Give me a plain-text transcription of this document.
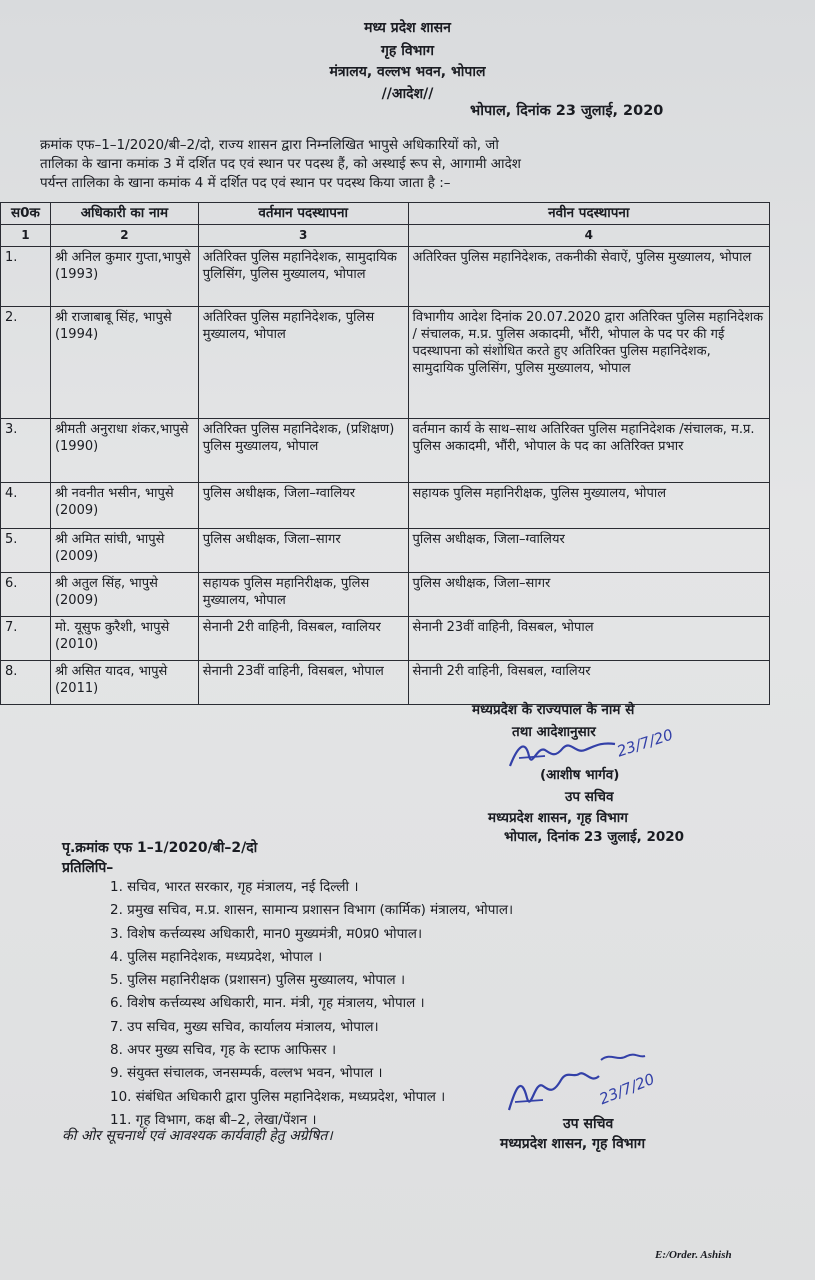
मध्य प्रदेश शासन
गृह विभाग
मंत्रालय, वल्लभ भवन, भोपाल
//आदेश//
भोपाल, दिनांक 23 जुलाई, 2020
क्रमांक एफ–1–1/2020/बी–2/दो, राज्य शासन द्वारा निम्नलिखित भापुसे अधिकारियों को, जो
तालिका के खाना कमांक 3 में दर्शित पद एवं स्थान पर पदस्थ हैं, को अस्थाई रूप से, आगामी आदेश
पर्यन्त तालिका के खाना कमांक 4 में दर्शित पद एवं स्थान पर पदस्थ किया जाता है :–
स0क	अधिकारी का नाम	वर्तमान पदस्थापना	नवीन पदस्थापना
1	2	3	4
1.	श्री अनिल कुमार गुप्ता,भापुसे (1993)	अतिरिक्त पुलिस महानिदेशक, सामुदायिक पुलिसिंग, पुलिस मुख्यालय, भोपाल	अतिरिक्त पुलिस महानिदेशक, तकनीकी सेवाऐं, पुलिस मुख्यालय, भोपाल
2.	श्री राजाबाबू सिंह, भापुसे (1994)	अतिरिक्त पुलिस महानिदेशक, पुलिस मुख्यालय, भोपाल	विभागीय आदेश दिनांक 20.07.2020 द्वारा अतिरिक्त पुलिस महानिदेशक / संचालक, म.प्र. पुलिस अकादमी, भौंरी, भोपाल के पद पर की गई पदस्थापना को संशोधित करते हुए अतिरिक्त पुलिस महानिदेशक, सामुदायिक पुलिसिंग, पुलिस मुख्यालय, भोपाल
3.	श्रीमती अनुराधा शंकर,भापुसे (1990)	अतिरिक्त पुलिस महानिदेशक, (प्रशिक्षण) पुलिस मुख्यालय, भोपाल	वर्तमान कार्य के साथ–साथ अतिरिक्त पुलिस महानिदेशक /संचालक, म.प्र. पुलिस अकादमी, भौंरी, भोपाल के पद का अतिरिक्त प्रभार
4.	श्री नवनीत भसीन, भापुसे (2009)	पुलिस अधीक्षक, जिला–ग्वालियर	सहायक पुलिस महानिरीक्षक, पुलिस मुख्यालय, भोपाल
5.	श्री अमित सांघी, भापुसे (2009)	पुलिस अधीक्षक, जिला–सागर	पुलिस अधीक्षक, जिला–ग्वालियर
6.	श्री अतुल सिंह, भापुसे (2009)	सहायक पुलिस महानिरीक्षक, पुलिस मुख्यालय, भोपाल	पुलिस अधीक्षक, जिला–सागर
7.	मो. यूसुफ कुरैशी, भापुसे (2010)	सेनानी 2री वाहिनी, विसबल, ग्वालियर	सेनानी 23वीं वाहिनी, विसबल, भोपाल
8.	श्री असित यादव, भापुसे (2011)	सेनानी 23वीं वाहिनी, विसबल, भोपाल	सेनानी 2री वाहिनी, विसबल, ग्वालियर
मध्यप्रदेश के राज्यपाल के नाम से
तथा आदेशानुसार 23/7/20
(आशीष भार्गव)
उप सचिव
मध्यप्रदेश शासन, गृह विभाग
भोपाल, दिनांक 23 जुलाई, 2020
पृ.क्रमांक एफ 1–1/2020/बी–2/दो
प्रतिलिपि–
1. सचिव, भारत सरकार, गृह मंत्रालय, नई दिल्ली ।
2. प्रमुख सचिव, म.प्र. शासन, सामान्य प्रशासन विभाग (कार्मिक) मंत्रालय, भोपाल।
3. विशेष कर्त्तव्यस्थ अधिकारी, मान0 मुख्यमंत्री, म0प्र0 भोपाल।
4. पुलिस महानिदेशक, मध्यप्रदेश, भोपाल ।
5. पुलिस महानिरीक्षक (प्रशासन) पुलिस मुख्यालय, भोपाल ।
6. विशेष कर्त्तव्यस्थ अधिकारी, मान. मंत्री, गृह मंत्रालय, भोपाल ।
7. उप सचिव, मुख्य सचिव, कार्यालय मंत्रालय, भोपाल।
8. अपर मुख्य सचिव, गृह के स्टाफ आफिसर ।
9. संयुक्त संचालक, जनसम्पर्क, वल्लभ भवन, भोपाल ।
10. संबंधित अधिकारी द्वारा पुलिस महानिदेशक, मध्यप्रदेश, भोपाल ।
11. गृह विभाग, कक्ष बी–2, लेखा/पेंशन ।
की ओर सूचनार्थ एवं आवश्यक कार्यवाही हेतु अग्रेषित।
23/7/20
उप सचिव
मध्यप्रदेश शासन, गृह विभाग
E:/Order. Ashish
